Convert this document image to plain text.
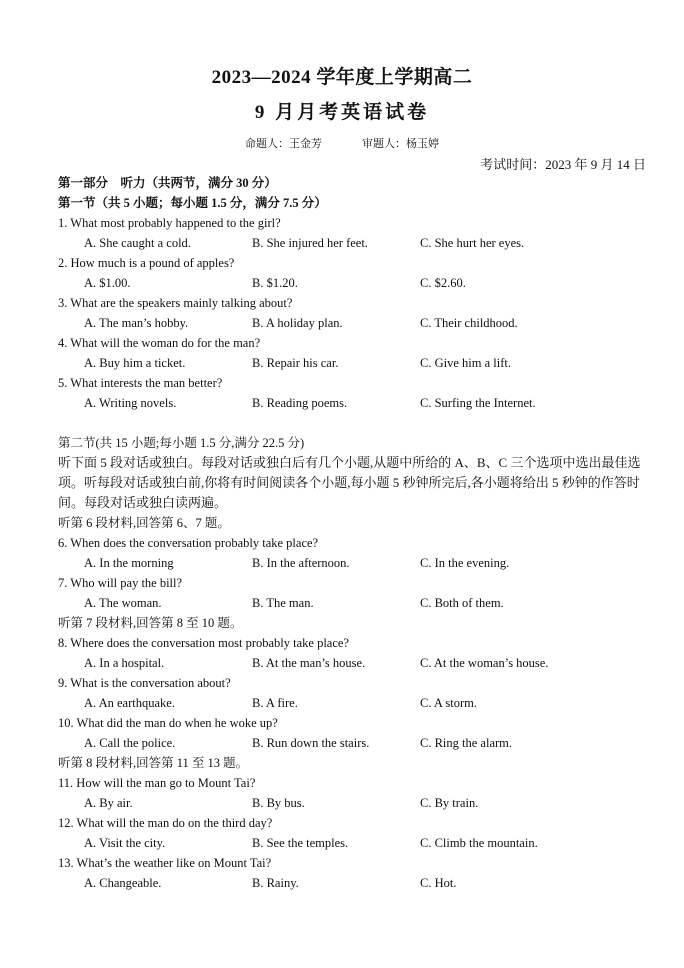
2023—2024 学年度上学期高二
9 月月考英语试卷
命题人：王金芳	审题人：杨玉婷
考试时间：2023 年 9 月 14 日
第一部分　听力（共两节，满分 30 分）
第一节（共 5 小题；每小题 1.5 分，满分 7.5 分）
1. What most probably happened to the girl?
A. She caught a cold.	B. She injured her feet.	C. She hurt her eyes.
2. How much is a pound of apples?
A. $1.00.	B. $1.20.	C. $2.60.
3. What are the speakers mainly talking about?
A. The man’s hobby.	B. A holiday plan.	C. Their childhood.
4. What will the woman do for the man?
A. Buy him a ticket.	B. Repair his car.	C. Give him a lift.
5. What interests the man better?
A. Writing novels.	B. Reading poems.	C. Surfing the Internet.
第二节(共 15 小题;每小题 1.5 分,满分 22.5 分)
听下面 5 段对话或独白。每段对话或独白后有几个小题,从题中所给的 A、B、C 三个选项中选出最佳选项。听每段对话或独白前,你将有时间阅读各个小题,每小题 5 秒钟所完后,各小题将给出 5 秒钟的作答时间。每段对话或独白读两遍。
听第 6 段材料,回答第 6、7 题。
6. When does the conversation probably take place?
A. In the morning	B. In the afternoon.	C. In the evening.
7. Who will pay the bill?
A. The woman.	B. The man.	C. Both of them.
听第 7 段材料,回答第 8 至 10 题。
8. Where does the conversation most probably take place?
A. In a hospital.	B. At the man’s house.	C. At the woman’s house.
9. What is the conversation about?
A. An earthquake.	B. A fire.	C. A storm.
10. What did the man do when he woke up?
A. Call the police.	B. Run down the stairs.	C. Ring the alarm.
听第 8 段材料,回答第 11 至 13 题。
11. How will the man go to Mount Tai?
A. By air.	B. By bus.	C. By train.
12. What will the man do on the third day?
A. Visit the city.	B. See the temples.	C. Climb the mountain.
13. What’s the weather like on Mount Tai?
A. Changeable.	B. Rainy.	C. Hot.
